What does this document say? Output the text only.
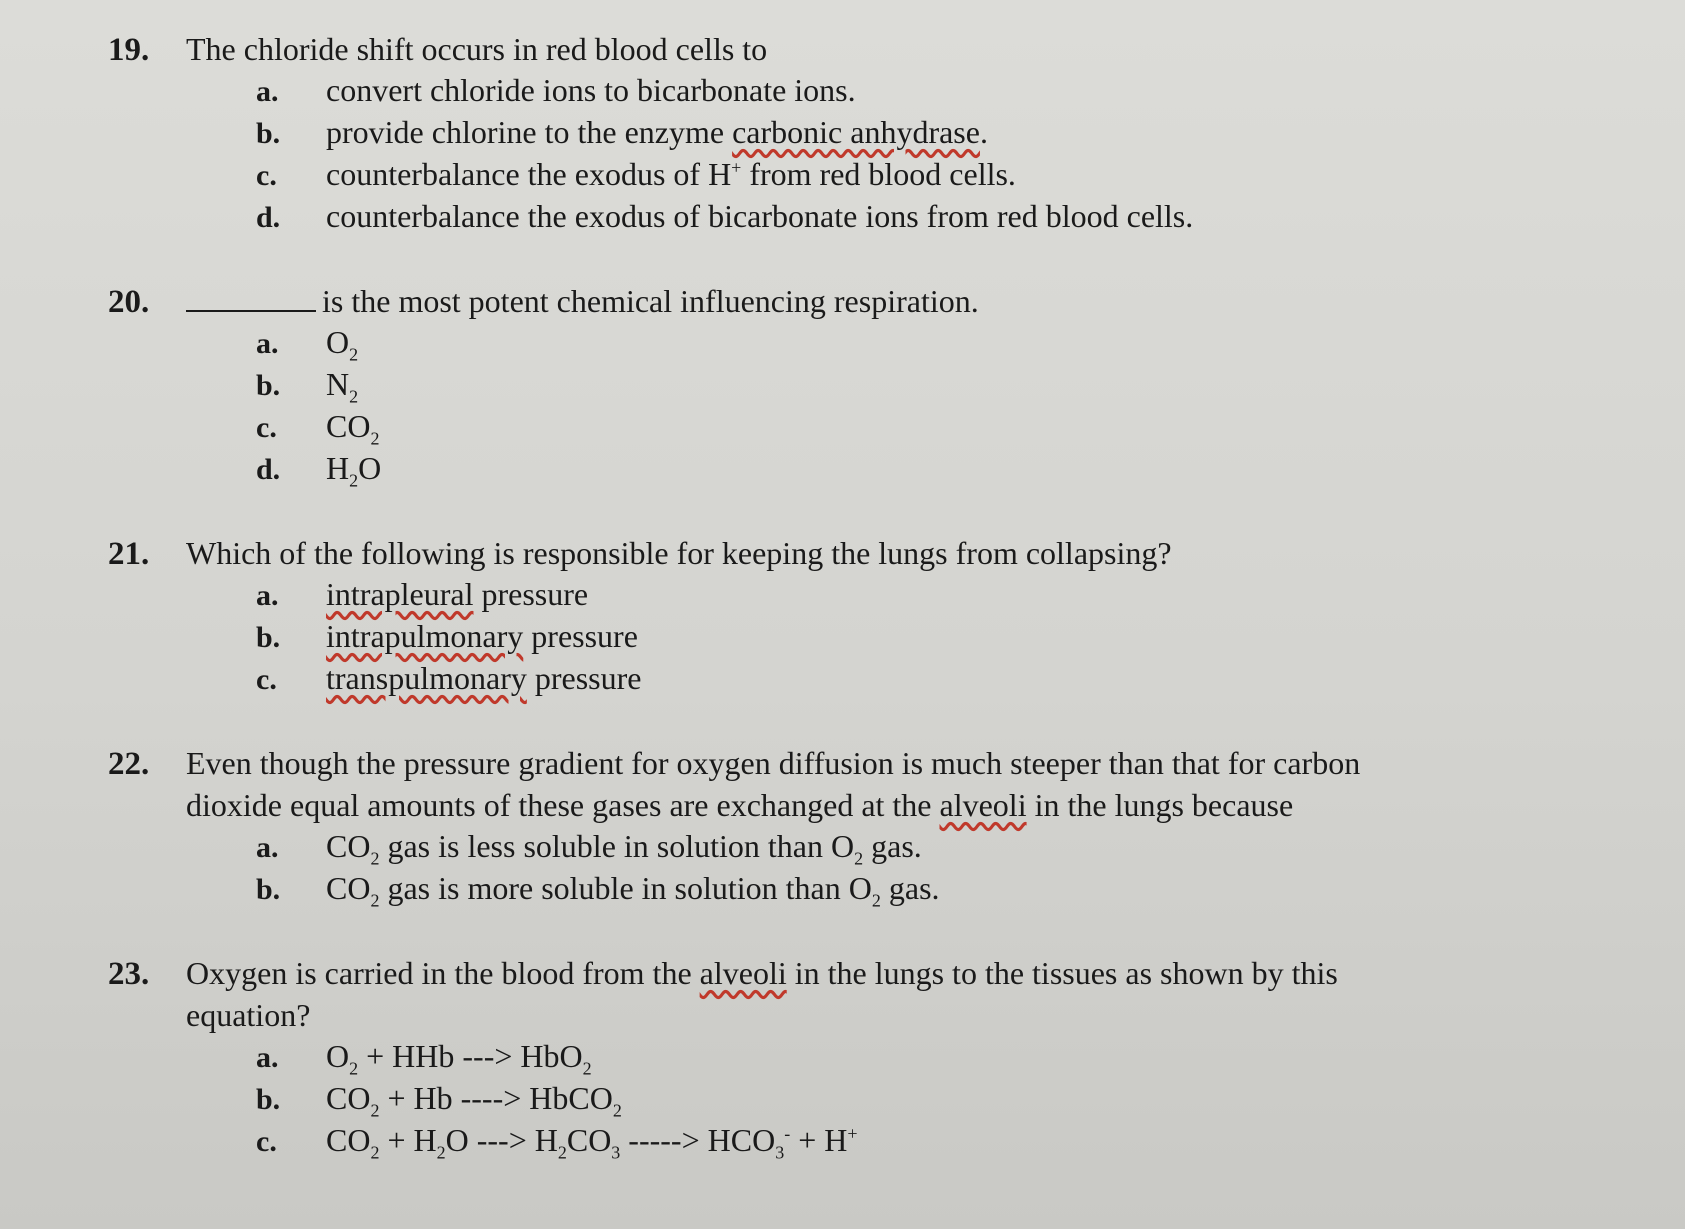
19.	The chloride shift occurs in red blood cells to
a.	convert chloride ions to bicarbonate ions.
b.	provide chlorine to the enzyme carbonic anhydrase.
c.	counterbalance the exodus of H+ from red blood cells.
d.	counterbalance the exodus of bicarbonate ions from red blood cells.
20.	is the most potent chemical influencing respiration.
a.	$O_2$
b.	$N_2$
c.	$CO_2$
d.	$H_2O$
21.	Which of the following is responsible for keeping the lungs from collapsing?
a.	intrapleural pressure
b.	intrapulmonary pressure
c.	transpulmonary pressure
22.	Even though the pressure gradient for oxygen diffusion is much steeper than that for carbon
dioxide equal amounts of these gases are exchanged at the alveoli in the lungs because
a.	$CO_2$ gas is less soluble in solution than $O_2$ gas.
b.	$CO_2$ gas is more soluble in solution than $O_2$ gas.
23.	Oxygen is carried in the blood from the alveoli in the lungs to the tissues as shown by this
equation?
a.	$O_2$ + HHb ---> HbO$_2$
b.	$CO_2 + Hb$ ----> HbCO$_2$
c.	$CO_2 + H_2O$ ---> $H_2CO_3$ -----> $HCO_3^- + H^+$
